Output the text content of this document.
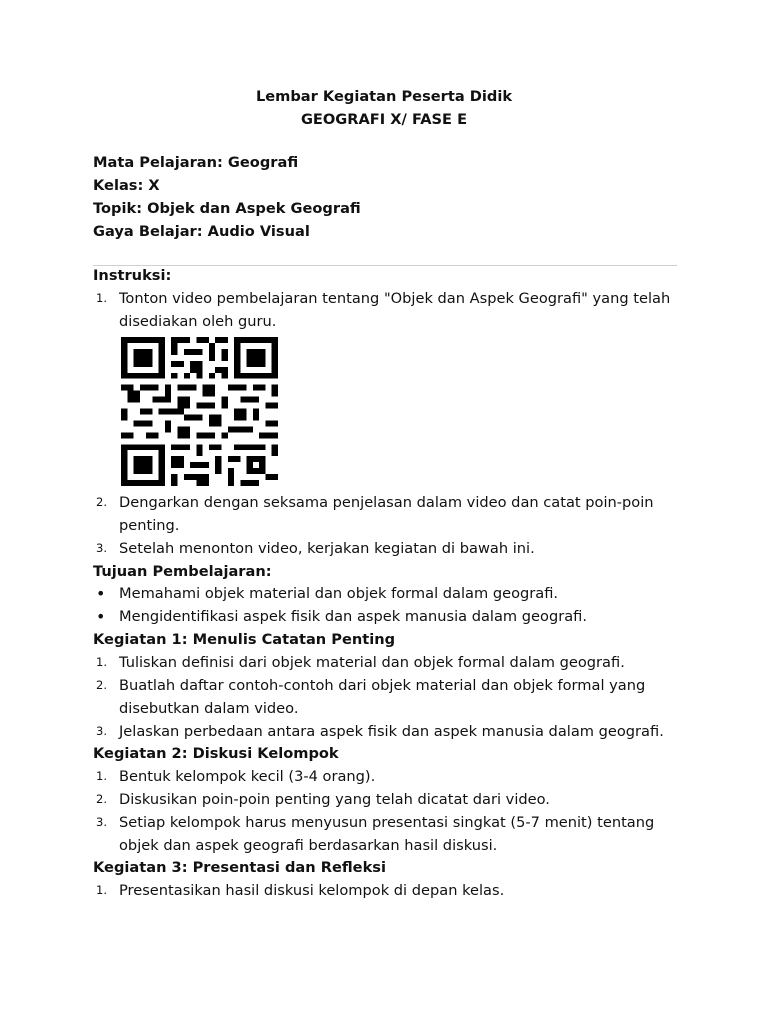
Lembar Kegiatan Peserta Didik
GEOGRAFI X/ FASE E
Mata Pelajaran: Geografi
Kelas: X
Topik: Objek dan Aspek Geografi
Gaya Belajar: Audio Visual
Instruksi:
1. Tonton video pembelajaran tentang "Objek dan Aspek Geografi" yang telah
disediakan oleh guru.
2. Dengarkan dengan seksama penjelasan dalam video dan catat poin-poin
penting.
3. Setelah menonton video, kerjakan kegiatan di bawah ini.
Tujuan Pembelajaran:
• Memahami objek material dan objek formal dalam geografi.
• Mengidentifikasi aspek fisik dan aspek manusia dalam geografi.
Kegiatan 1: Menulis Catatan Penting
1. Tuliskan definisi dari objek material dan objek formal dalam geografi.
2. Buatlah daftar contoh-contoh dari objek material dan objek formal yang
disebutkan dalam video.
3. Jelaskan perbedaan antara aspek fisik dan aspek manusia dalam geografi.
Kegiatan 2: Diskusi Kelompok
1. Bentuk kelompok kecil (3-4 orang).
2. Diskusikan poin-poin penting yang telah dicatat dari video.
3. Setiap kelompok harus menyusun presentasi singkat (5-7 menit) tentang
objek dan aspek geografi berdasarkan hasil diskusi.
Kegiatan 3: Presentasi dan Refleksi
1. Presentasikan hasil diskusi kelompok di depan kelas.
